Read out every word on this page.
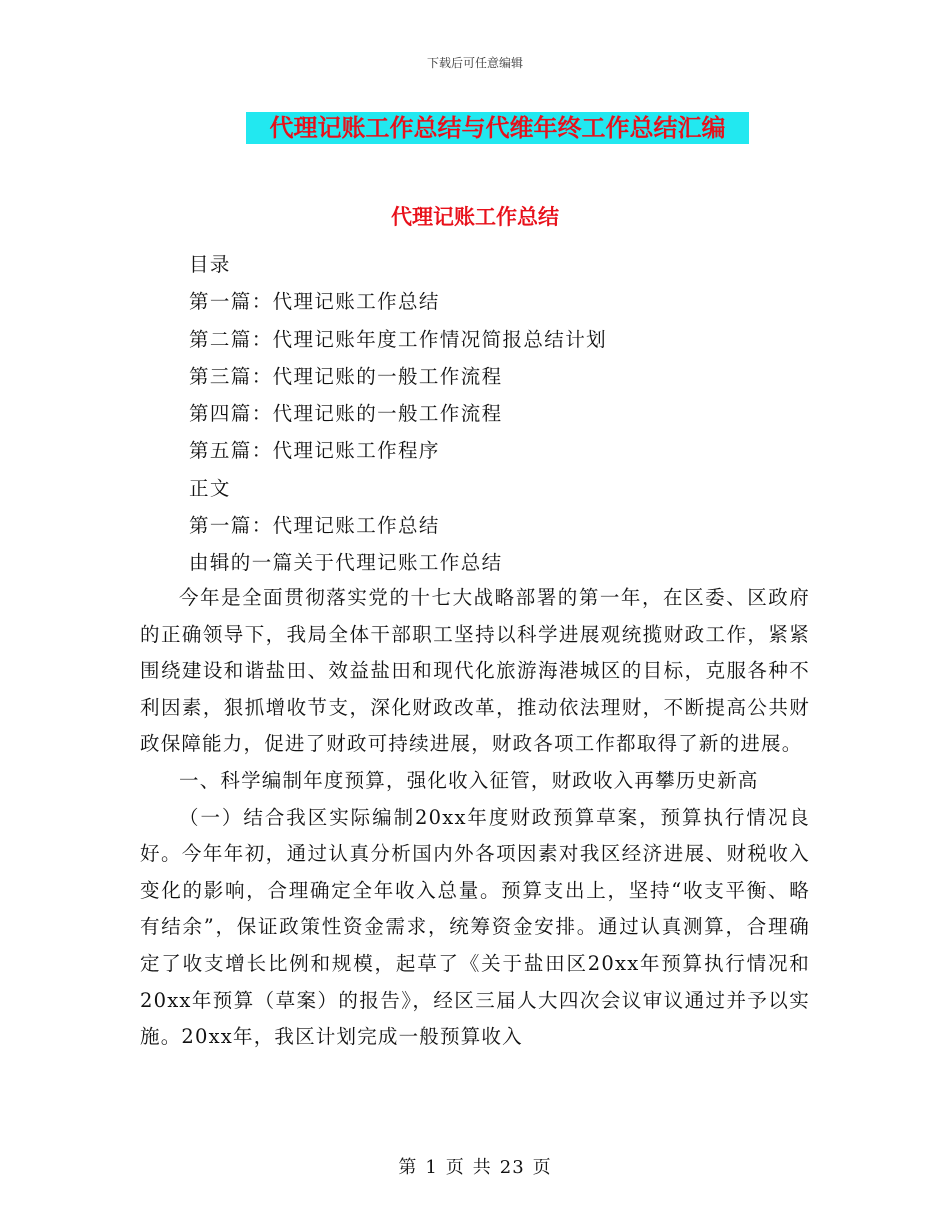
下载后可任意编辑
代理记账工作总结与代维年终工作总结汇编
代理记账工作总结
目录
第一篇：代理记账工作总结
第二篇：代理记账年度工作情况简报总结计划
第三篇：代理记账的一般工作流程
第四篇：代理记账的一般工作流程
第五篇：代理记账工作程序
正文
第一篇：代理记账工作总结
由辑的一篇关于代理记账工作总结

今年是全面贯彻落实党的十七大战略部署的第一年，在区委、区政府的正确领导下，我局全体干部职工坚持以科学进展观统揽财政工作，紧紧围绕建设和谐盐田、效益盐田和现代化旅游海港城区的目标，克服各种不利因素，狠抓增收节支，深化财政改革，推动依法理财，不断提高公共财政保障能力，促进了财政可持续进展，财政各项工作都取得了新的进展。

一、科学编制年度预算，强化收入征管，财政收入再攀历史新高

（一）结合我区实际编制20xx年度财政预算草案，预算执行情况良好。今年年初，通过认真分析国内外各项因素对我区经济进展、财税收入变化的影响，合理确定全年收入总量。预算支出上，坚持“收支平衡、略有结余”，保证政策性资金需求，统筹资金安排。通过认真测算，合理确定了收支增长比例和规模，起草了《关于盐田区20xx年预算执行情况和20xx年预算（草案）的报告》，经区三届人大四次会议审议通过并予以实施。20xx年，我区计划完成一般预算收入

第 1 页 共 23 页
